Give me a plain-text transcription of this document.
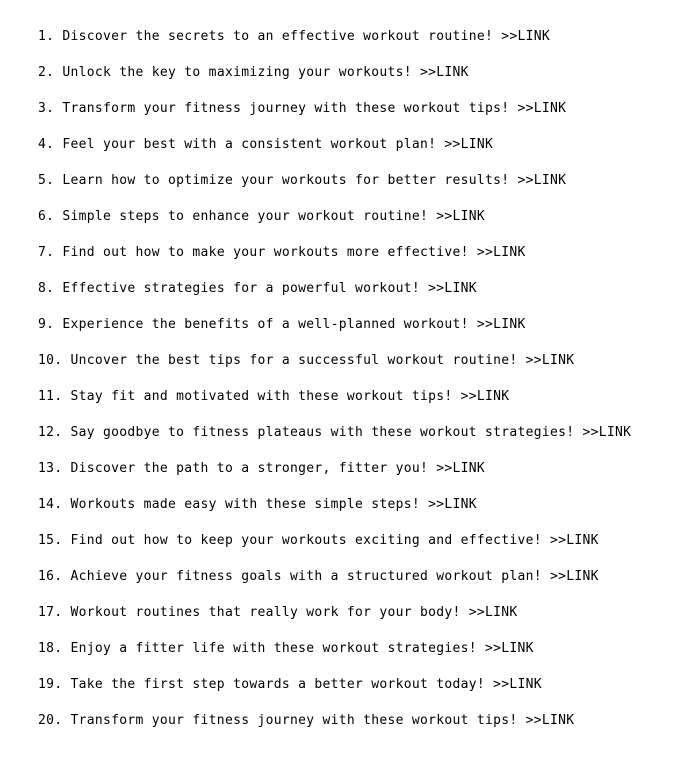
1. Discover the secrets to an effective workout routine! >>LINK
2. Unlock the key to maximizing your workouts! >>LINK
3. Transform your fitness journey with these workout tips! >>LINK
4. Feel your best with a consistent workout plan! >>LINK
5. Learn how to optimize your workouts for better results! >>LINK
6. Simple steps to enhance your workout routine! >>LINK
7. Find out how to make your workouts more effective! >>LINK
8. Effective strategies for a powerful workout! >>LINK
9. Experience the benefits of a well-planned workout! >>LINK
10. Uncover the best tips for a successful workout routine! >>LINK
11. Stay fit and motivated with these workout tips! >>LINK
12. Say goodbye to fitness plateaus with these workout strategies! >>LINK
13. Discover the path to a stronger, fitter you! >>LINK
14. Workouts made easy with these simple steps! >>LINK
15. Find out how to keep your workouts exciting and effective! >>LINK
16. Achieve your fitness goals with a structured workout plan! >>LINK
17. Workout routines that really work for your body! >>LINK
18. Enjoy a fitter life with these workout strategies! >>LINK
19. Take the first step towards a better workout today! >>LINK
20. Transform your fitness journey with these workout tips! >>LINK
